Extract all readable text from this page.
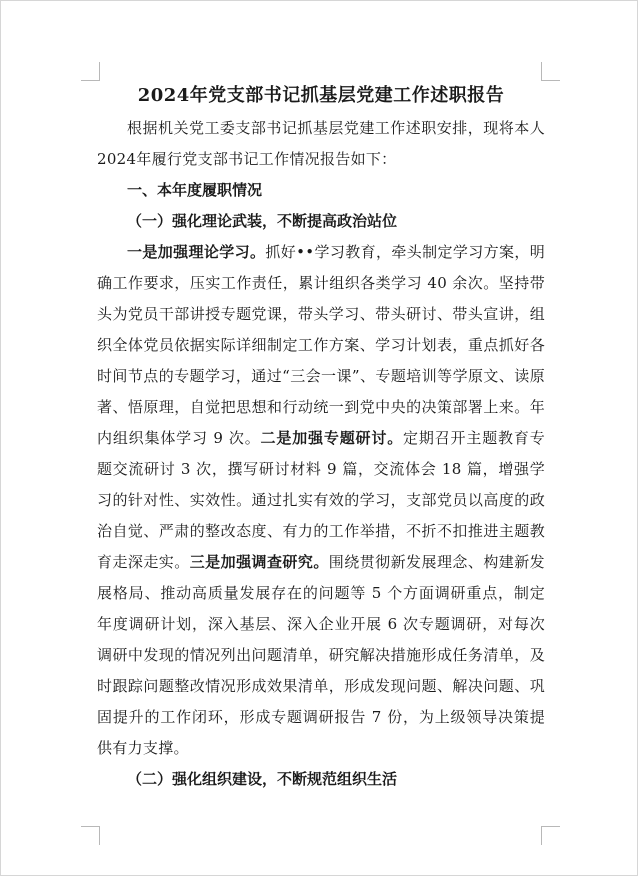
2024年党支部书记抓基层党建工作述职报告

根据机关党工委支部书记抓基层党建工作述职安排，现将本人 2024年履行党支部书记工作情况报告如下：

一、本年度履职情况

（一）强化理论武装，不断提高政治站位

一是加强理论学习。抓好••学习教育，牵头制定学习方案，明确工作要求，压实工作责任，累计组织各类学习 40 余次。坚持带头为党员干部讲授专题党课，带头学习、带头研讨、带头宣讲，组织全体党员依据实际详细制定工作方案、学习计划表，重点抓好各时间节点的专题学习，通过“三会一课”、专题培训等学原文、读原著、悟原理，自觉把思想和行动统一到党中央的决策部署上来。年内组织集体学习 9 次。二是加强专题研讨。定期召开主题教育专题交流研讨 3 次，撰写研讨材料 9 篇，交流体会 18 篇，增强学习的针对性、实效性。通过扎实有效的学习，支部党员以高度的政治自觉、严肃的整改态度、有力的工作举措，不折不扣推进主题教育走深走实。三是加强调查研究。围绕贯彻新发展理念、构建新发展格局、推动高质量发展存在的问题等 5 个方面调研重点，制定年度调研计划，深入基层、深入企业开展 6 次专题调研，对每次调研中发现的情况列出问题清单，研究解决措施形成任务清单，及时跟踪问题整改情况形成效果清单，形成发现问题、解决问题、巩固提升的工作闭环，形成专题调研报告 7 份，为上级领导决策提供有力支撑。

（二）强化组织建设，不断规范组织生活
